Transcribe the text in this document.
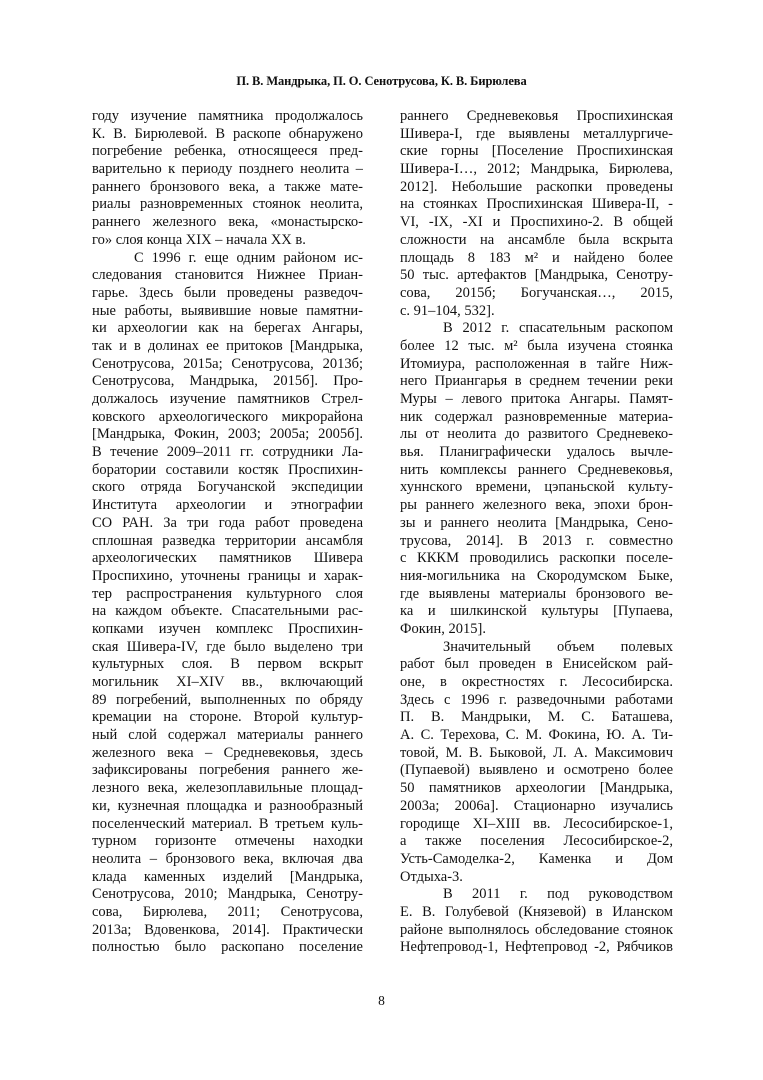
П. В. Мандрыка, П. О. Сенотрусова, К. В. Бирюлева
году изучение памятника продолжалось
К. В. Бирюлевой. В раскопе обнаружено
погребение ребенка, относящееся пред-
варительно к периоду позднего неолита –
раннего бронзового века, а также мате-
риалы разновременных стоянок неолита,
раннего железного века, «монастырско-
го» слоя конца XIX – начала XX в.
С 1996 г. еще одним районом ис-
следования становится Нижнее Приан-
гарье. Здесь были проведены разведоч-
ные работы, выявившие новые памятни-
ки археологии как на берегах Ангары,
так и в долинах ее притоков [Мандрыка,
Сенотрусова, 2015а; Сенотрусова, 2013б;
Сенотрусова, Мандрыка, 2015б]. Про-
должалось изучение памятников Стрел-
ковского археологического микрорайона
[Мандрыка, Фокин, 2003; 2005а; 2005б].
В течение 2009–2011 гг. сотрудники Ла-
боратории составили костяк Проспихин-
ского отряда Богучанской экспедиции
Института археологии и этнографии
СО РАН. За три года работ проведена
сплошная разведка территории ансамбля
археологических памятников Шивера
Проспихино, уточнены границы и харак-
тер распространения культурного слоя
на каждом объекте. Спасательными рас-
копками изучен комплекс Проспихин-
ская Шивера-IV, где было выделено три
культурных слоя. В первом вскрыт
могильник XI–XIV вв., включающий
89 погребений, выполненных по обряду
кремации на стороне. Второй культур-
ный слой содержал материалы раннего
железного века – Средневековья, здесь
зафиксированы погребения раннего же-
лезного века, железоплавильные площад-
ки, кузнечная площадка и разнообразный
поселенческий материал. В третьем куль-
турном горизонте отмечены находки
неолита – бронзового века, включая два
клада каменных изделий [Мандрыка,
Сенотрусова, 2010; Мандрыка, Сенотру-
сова, Бирюлева, 2011; Сенотрусова,
2013а; Вдовенкова, 2014]. Практически
полностью было раскопано поселение
раннего Средневековья Проспихинская
Шивера-I, где выявлены металлургиче-
ские горны [Поселение Проспихинская
Шивера-I…, 2012; Мандрыка, Бирюлева,
2012]. Небольшие раскопки проведены
на стоянках Проспихинская Шивера-II, -
VI, -IX, -XI и Проспихино-2. В общей
сложности на ансамбле была вскрыта
площадь 8 183 м² и найдено более
50 тыс. артефактов [Мандрыка, Сенотру-
сова, 2015б; Богучанская…, 2015,
с. 91–104, 532].
В 2012 г. спасательным раскопом
более 12 тыс. м² была изучена стоянка
Итомиура, расположенная в тайге Ниж-
него Приангарья в среднем течении реки
Муры – левого притока Ангары. Памят-
ник содержал разновременные материа-
лы от неолита до развитого Средневеко-
вья. Планиграфически удалось вычле-
нить комплексы раннего Средневековья,
хуннского времени, цэпаньской культу-
ры раннего железного века, эпохи брон-
зы и раннего неолита [Мандрыка, Сено-
трусова, 2014]. В 2013 г. совместно
с КККМ проводились раскопки поселе-
ния-могильника на Скородумском Быке,
где выявлены материалы бронзового ве-
ка и шилкинской культуры [Пупаева,
Фокин, 2015].
Значительный объем полевых
работ был проведен в Енисейском рай-
оне, в окрестностях г. Лесосибирска.
Здесь с 1996 г. разведочными работами
П. В. Мандрыки, М. С. Баташева,
А. С. Терехова, С. М. Фокина, Ю. А. Ти-
товой, М. В. Быковой, Л. А. Максимович
(Пупаевой) выявлено и осмотрено более
50 памятников археологии [Мандрыка,
2003а; 2006а]. Стационарно изучались
городище XI–XIII вв. Лесосибирское-1,
а также поселения Лесосибирское-2,
Усть-Самоделка-2, Каменка и Дом
Отдыха-3.
В 2011 г. под руководством
Е. В. Голубевой (Князевой) в Иланском
районе выполнялось обследование стоянок
Нефтепровод-1, Нефтепровод -2, Рябчиков
8
